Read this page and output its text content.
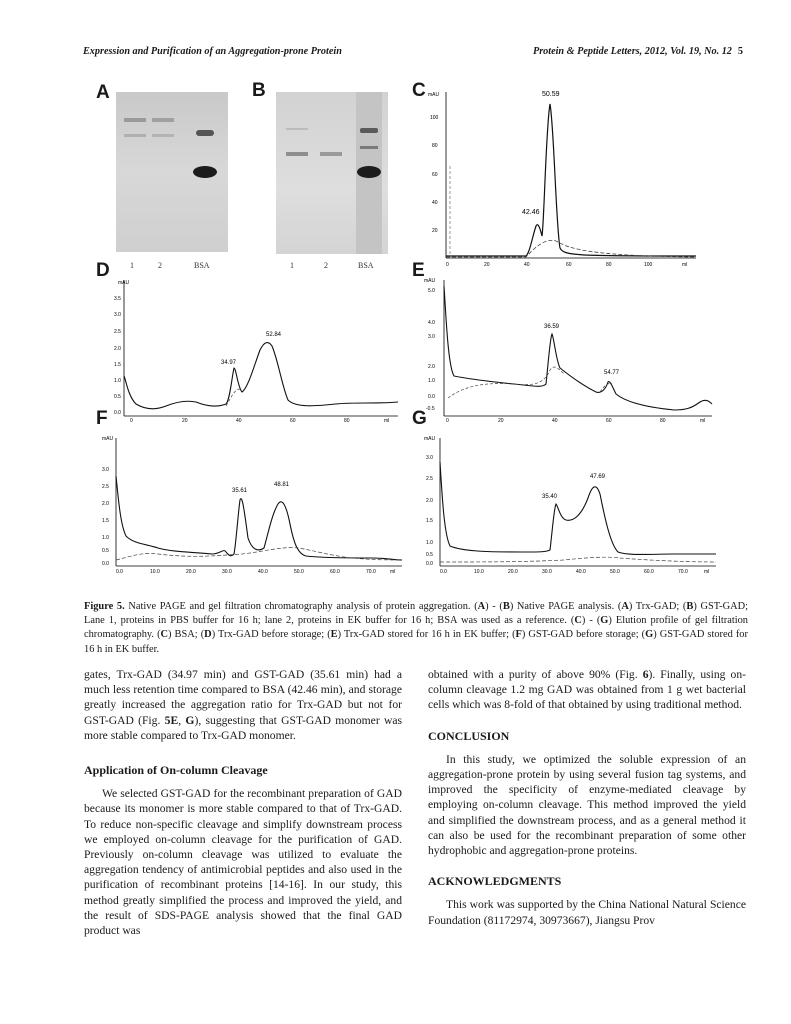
Expression and Purification of an Aggregation-prone Protein	Protein & Peptide Letters, 2012, Vol. 19, No. 12 5
A
1	2	BSA
B
1	2	BSA
C mAU
100
80
60
40
20
0	20	40	60	80	100	ml
50.59
42.46
D
mAU
3.5
3.0
2.5
2.0
1.5
1.0
0.5
0.0
0	20	40	60	80	ml
34.97
52.84
E mAU
5.0
4.0
3.0
2.0
1.0
0.0
-0.5
0	20	40	60	80	ml
36.59
54.77
F
mAU
3.0
2.5
2.0
1.5
1.0
0.5
0.0
0.0	10.0	20.0	30.0	40.0	50.0	60.0	70.0	ml
35.61
48.81
G
mAU
3.0
2.5
2.0
1.5
1.0
0.5
0.0
0.0	10.0	20.0	30.0	40.0	50.0	60.0	70.0	ml
35.40
47.69
Figure 5. Native PAGE and gel filtration chromatography analysis of protein aggregation. (A) - (B) Native PAGE analysis. (A) Trx-GAD; (B) GST-GAD; Lane 1, proteins in PBS buffer for 16 h; lane 2, proteins in EK buffer for 16 h; BSA was used as a reference. (C) - (G) Elution profile of gel filtration chromatography. (C) BSA; (D) Trx-GAD before storage; (E) Trx-GAD stored for 16 h in EK buffer; (F) GST-GAD before storage; (G) GST-GAD stored for 16 h in EK buffer.

gates, Trx-GAD (34.97 min) and GST-GAD (35.61 min) had a much less retention time compared to BSA (42.46 min), and storage greatly increased the aggregation ratio for Trx-GAD but not for GST-GAD (Fig. 5E, G), suggesting that GST-GAD monomer was more stable compared to Trx-GAD monomer.

Application of On-column Cleavage

We selected GST-GAD for the recombinant preparation of GAD because its monomer is more stable compared to that of Trx-GAD. To reduce non-specific cleavage and simplify downstream process we employed on-column cleavage for the purification of GAD. Previously on-column cleavage was utilized to evaluate the aggregation tendency of antimicrobial peptides and also used in the purification of recombinant proteins [14-16]. In our study, this method greatly simplified the process and improved the yield, and the result of SDS-PAGE analysis showed that the final GAD product was

obtained with a purity of above 90% (Fig. 6). Finally, using on-column cleavage 1.2 mg GAD was obtained from 1 g wet bacterial cells which was 8-fold of that obtained by using traditional method.

CONCLUSION

In this study, we optimized the soluble expression of an aggregation-prone protein by using several fusion tag systems, and improved the specificity of enzyme-mediated cleavage by employing on-column cleavage. This method improved the yield and simplified the downstream process, and as a general method it can also be used for the recombinant preparation of some other hydrophobic and aggregation-prone proteins.

ACKNOWLEDGMENTS

This work was supported by the China National Natural Science Foundation (81172974, 30973667), Jiangsu Prov
